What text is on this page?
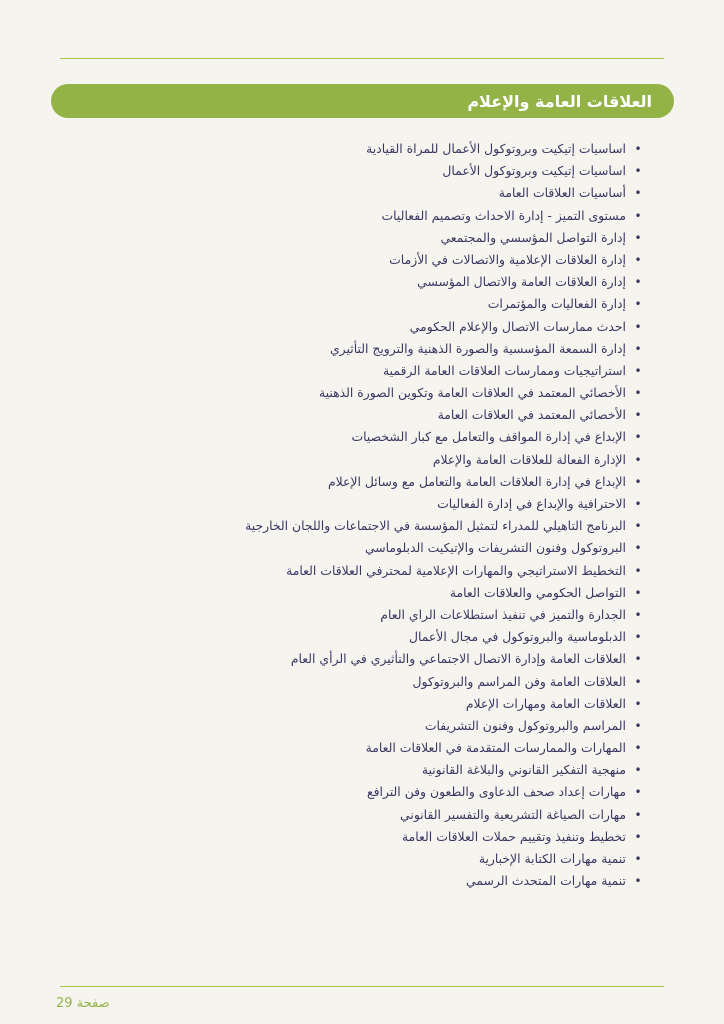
العلاقات العامة والإعلام
•اساسيات إتيكيت وبروتوكول الأعمال للمراة القيادية
•اساسيات إتيكيت وبروتوكول الأعمال
•أساسيات العلاقات العامة
•مستوى التميز - إدارة الاحداث وتصميم الفعاليات
•إدارة التواصل المؤسسي والمجتمعي
•إدارة العلاقات الإعلامية والاتصالات في الأزمات
•إدارة العلاقات العامة والاتصال المؤسسي
•إدارة الفعاليات والمؤتمرات
•احدث ممارسات الاتصال والإعلام الحكومي
•إدارة السمعة المؤسسية والصورة الذهنية والترويج التأثيري
•استراتيجيات وممارسات العلاقات العامة الرقمية
•الأخصائي المعتمد في العلاقات العامة وتكوين الصورة الذهنية
•الأخصائي المعتمد في العلاقات العامة
•الإبداع في إدارة المواقف والتعامل مع كبار الشخصيات
•الإدارة الفعالة للعلاقات العامة والإعلام
•الإبداع في إدارة العلاقات العامة والتعامل مع وسائل الإعلام
•الاحترافية والإبداع في إدارة الفعاليات
•البرنامج التاهيلي للمدراء لتمثيل المؤسسة في الاجتماعات واللجان الخارجية
•البروتوكول وفنون التشريفات والإتيكيت الدبلوماسي
•التخطيط الاستراتيجي والمهارات الإعلامية لمحترفي العلاقات العامة
•التواصل الحكومي والعلاقات العامة
•الجدارة والتميز في تنفيذ استطلاعات الراي العام
•الدبلوماسية والبروتوكول في مجال الأعمال
•العلاقات العامة وإدارة الاتصال الاجتماعي والتأثيري في الرأي العام
•العلاقات العامة وفن المراسم والبروتوكول
•العلاقات العامة ومهارات الإعلام
•المراسم والبروتوكول وفنون التشريفات
•المهارات والممارسات المتقدمة في العلاقات العامة
•منهجية التفكير القانوني والبلاغة القانونية
•مهارات إعداد صحف الدعاوى والطعون وفن الترافع
•مهارات الصياغة التشريعية والتفسير القانوني
•تخطيط وتنفيذ وتقييم حملات العلاقات العامة
•تنمية مهارات الكتابة الإخبارية
•تنمية مهارات المتحدث الرسمي
صفحة 29
